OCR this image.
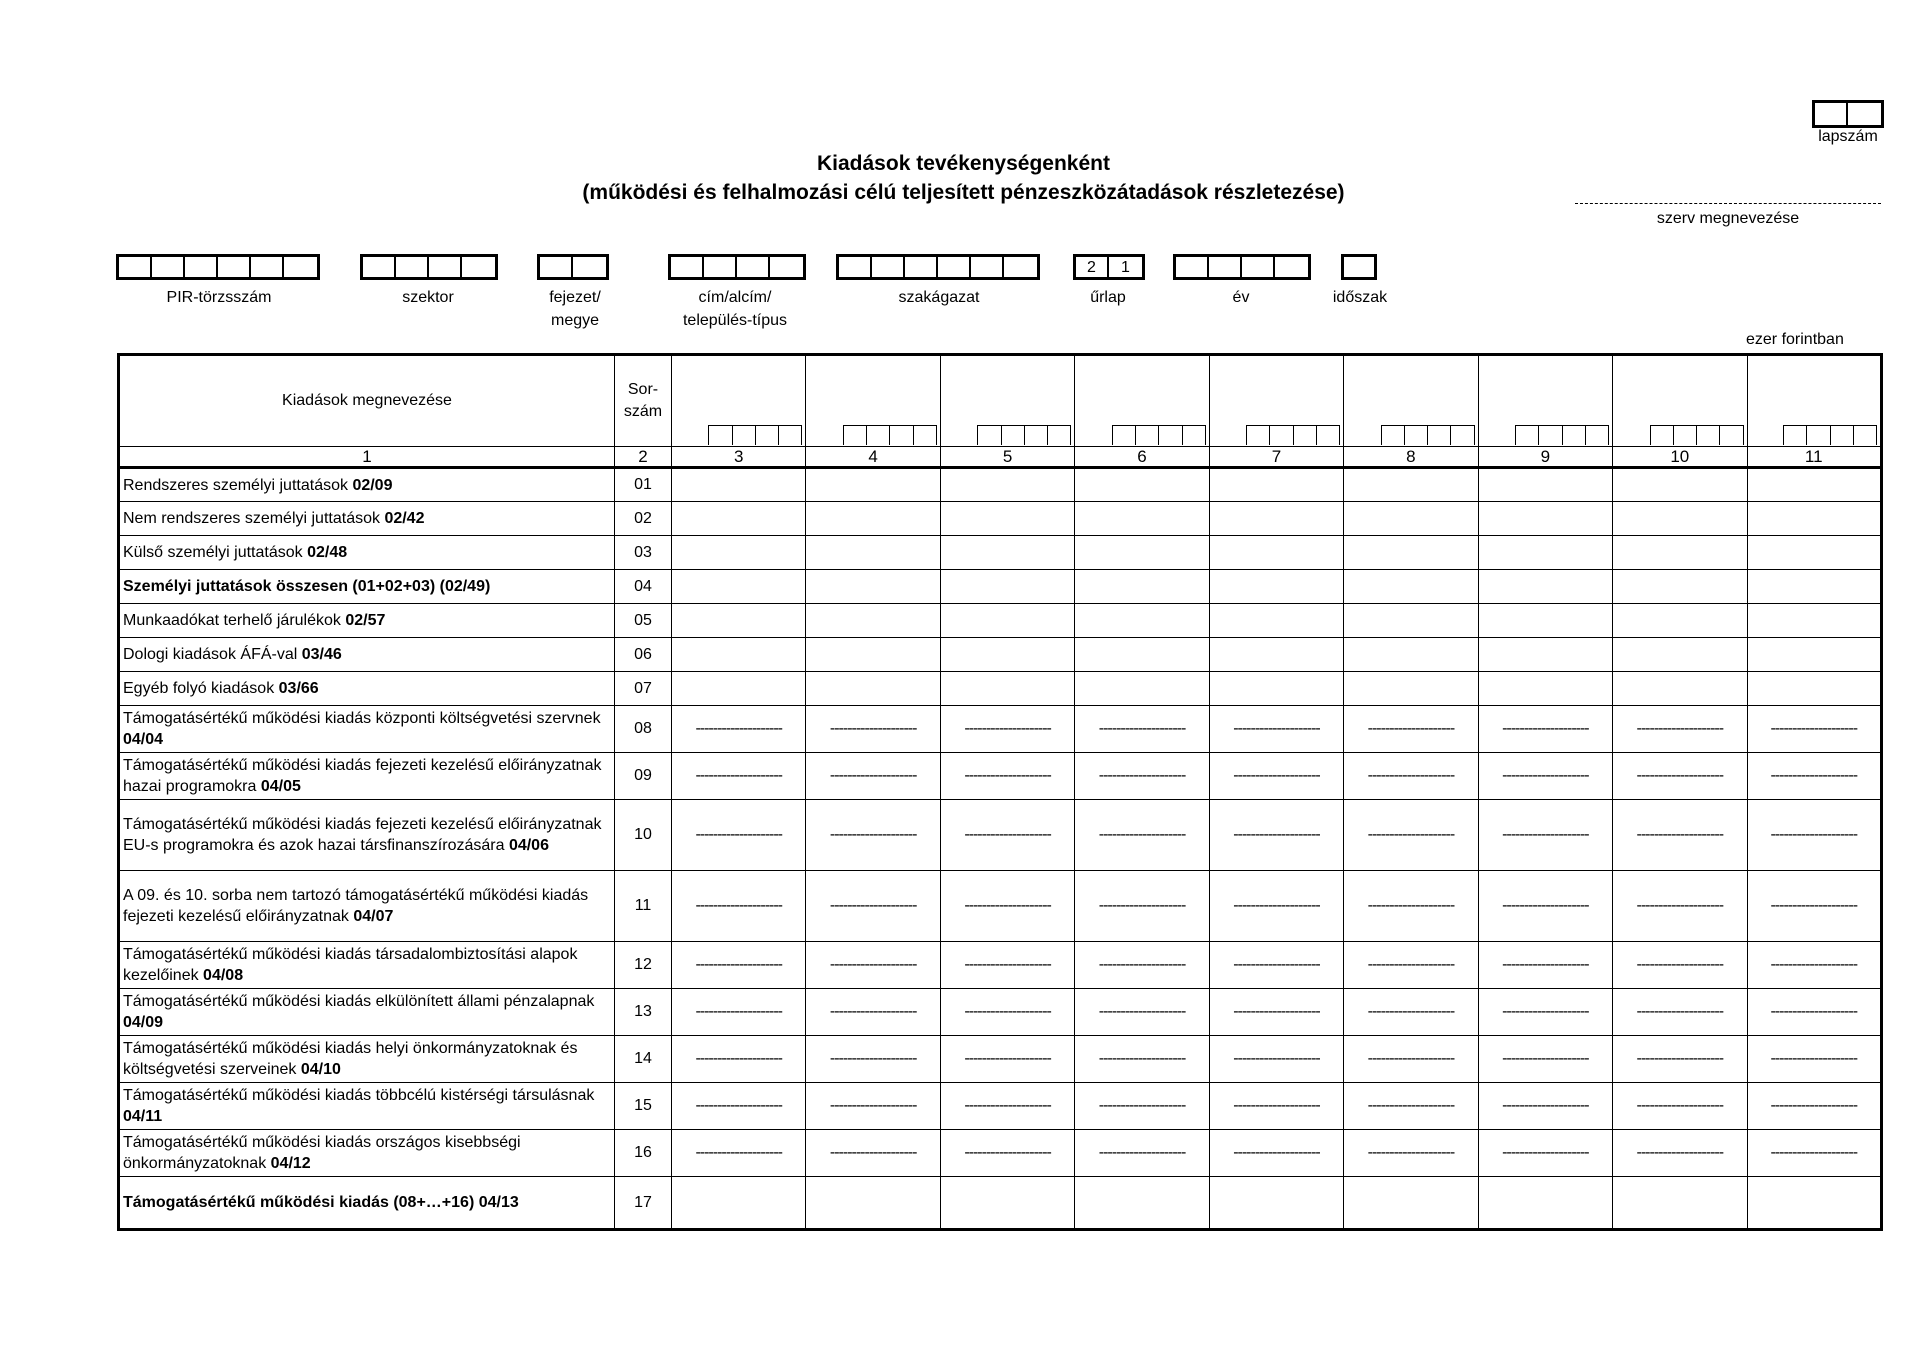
lapszám
Kiadások tevékenységenként
(működési és felhalmozási célú teljesített pénzeszközátadások részletezése)
szerv megnevezése
PIR-törzsszám	szektor	fejezet/
megye
cím/alcím/
település-típus
szakágazat
2	1
űrlap	év	időszak
ezer forintban
Kiadások megnevezése	Sor-
szám	

1	2	3	4	5	6	7	8	9	10	11
Rendszeres személyi juttatások 02/09	01									
Nem rendszeres személyi juttatások 02/42	02									
Külső személyi juttatások 02/48	03									
Személyi juttatások összesen (01+02+03) (02/49)	04									
Munkaadókat terhelő járulékok 02/57	05									
Dologi kiadások ÁFÁ-val 03/46	06									
Egyéb folyó kiadások 03/66	07									
Támogatásértékű működési kiadás központi költségvetési szervnek 04/04	08	--------------------	--------------------	--------------------	--------------------	--------------------	--------------------	--------------------	--------------------	--------------------
Támogatásértékű működési kiadás fejezeti kezelésű előirányzatnak hazai programokra 04/05	09	--------------------	--------------------	--------------------	--------------------	--------------------	--------------------	--------------------	--------------------	--------------------
Támogatásértékű működési kiadás fejezeti kezelésű előirányzatnak EU-s programokra és azok hazai társfinanszírozására 04/06	10	--------------------	--------------------	--------------------	--------------------	--------------------	--------------------	--------------------	--------------------	--------------------
A 09. és 10. sorba nem tartozó támogatásértékű működési kiadás fejezeti kezelésű előirányzatnak 04/07	11	--------------------	--------------------	--------------------	--------------------	--------------------	--------------------	--------------------	--------------------	--------------------
Támogatásértékű működési kiadás társadalombiztosítási alapok kezelőinek 04/08	12	--------------------	--------------------	--------------------	--------------------	--------------------	--------------------	--------------------	--------------------	--------------------
Támogatásértékű működési kiadás elkülönített állami pénzalapnak 04/09	13	--------------------	--------------------	--------------------	--------------------	--------------------	--------------------	--------------------	--------------------	--------------------
Támogatásértékű működési kiadás helyi önkormányzatoknak és költségvetési szerveinek 04/10	14	--------------------	--------------------	--------------------	--------------------	--------------------	--------------------	--------------------	--------------------	--------------------
Támogatásértékű működési kiadás többcélú kistérségi társulásnak 04/11	15	--------------------	--------------------	--------------------	--------------------	--------------------	--------------------	--------------------	--------------------	--------------------
Támogatásértékű működési kiadás országos kisebbségi önkormányzatoknak 04/12	16	--------------------	--------------------	--------------------	--------------------	--------------------	--------------------	--------------------	--------------------	--------------------
Támogatásértékű működési kiadás (08+…+16) 04/13	17									
